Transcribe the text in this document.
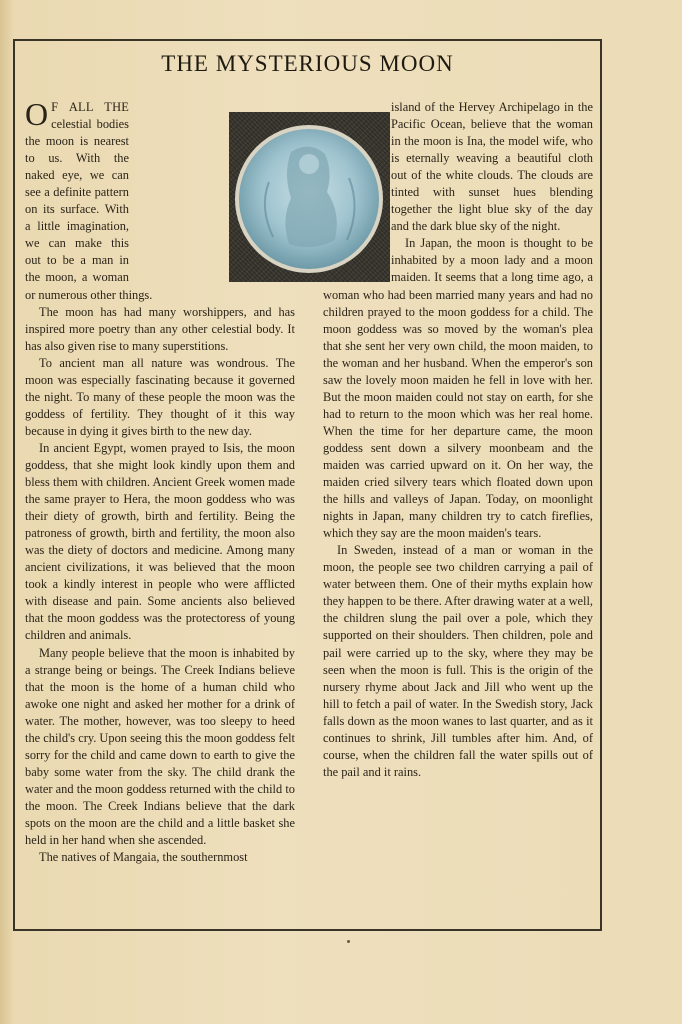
THE MYSTERIOUS MOON

O F ALL THE celestial bodies the moon is nearest to us. With the naked eye, we can see a definite pattern on its surface. With a little imagination, we can make this out to be a man in the moon, a woman or numerous other things.

The moon has had many worshippers, and has inspired more poetry than any other celestial body. It has also given rise to many superstitions.

To ancient man all nature was wondrous. The moon was especially fascinating because it governed the night. To many of these people the moon was the goddess of fertility. They thought of it this way because in dying it gives birth to the new day.

In ancient Egypt, women prayed to Isis, the moon goddess, that she might look kindly upon them and bless them with children. Ancient Greek women made the same prayer to Hera, the moon goddess who was their diety of growth, birth and fertility. Being the patroness of growth, birth and fertility, the moon also was the diety of doctors and medicine. Among many ancient civilizations, it was believed that the moon took a kindly interest in people who were afflicted with disease and pain. Some ancients also believed that the moon goddess was the protectoress of young children and animals.

Many people believe that the moon is inhabited by a strange being or beings. The Creek Indians believe that the moon is the home of a human child who awoke one night and asked her mother for a drink of water. The mother, however, was too sleepy to heed the child's cry. Upon seeing this the moon goddess felt sorry for the child and came down to earth to give the baby some water from the sky. The child drank the water and the moon goddess returned with the child to the moon. The Creek Indians believe that the dark spots on the moon are the child and a little basket she held in her hand when she ascended.

The natives of Mangaia, the southernmost

island of the Hervey Archipelago in the Pacific Ocean, believe that the woman in the moon is Ina, the model wife, who is eternally weaving a beautiful cloth out of the white clouds. The clouds are tinted with sunset hues blending together the light blue sky of the day and the dark blue sky of the night.

In Japan, the moon is thought to be inhabited by a moon lady and a moon maiden. It seems that a long time ago, a woman who had been married many years and had no children prayed to the moon goddess for a child. The moon goddess was so moved by the woman's plea that she sent her very own child, the moon maiden, to the woman and her husband. When the emperor's son saw the lovely moon maiden he fell in love with her. But the moon maiden could not stay on earth, for she had to return to the moon which was her real home. When the time for her departure came, the moon goddess sent down a silvery moonbeam and the maiden was carried upward on it. On her way, the maiden cried silvery tears which floated down upon the hills and valleys of Japan. Today, on moonlight nights in Japan, many children try to catch fireflies, which they say are the moon maiden's tears.

In Sweden, instead of a man or woman in the moon, the people see two children carrying a pail of water between them. One of their myths explain how they happen to be there. After drawing water at a well, the children slung the pail over a pole, which they supported on their shoulders. Then children, pole and pail were carried up to the sky, where they may be seen when the moon is full. This is the origin of the nursery rhyme about Jack and Jill who went up the hill to fetch a pail of water. In the Swedish story, Jack falls down as the moon wanes to last quarter, and as it continues to shrink, Jill tumbles after him. And, of course, when the children fall the water spills out of the pail and it rains.
